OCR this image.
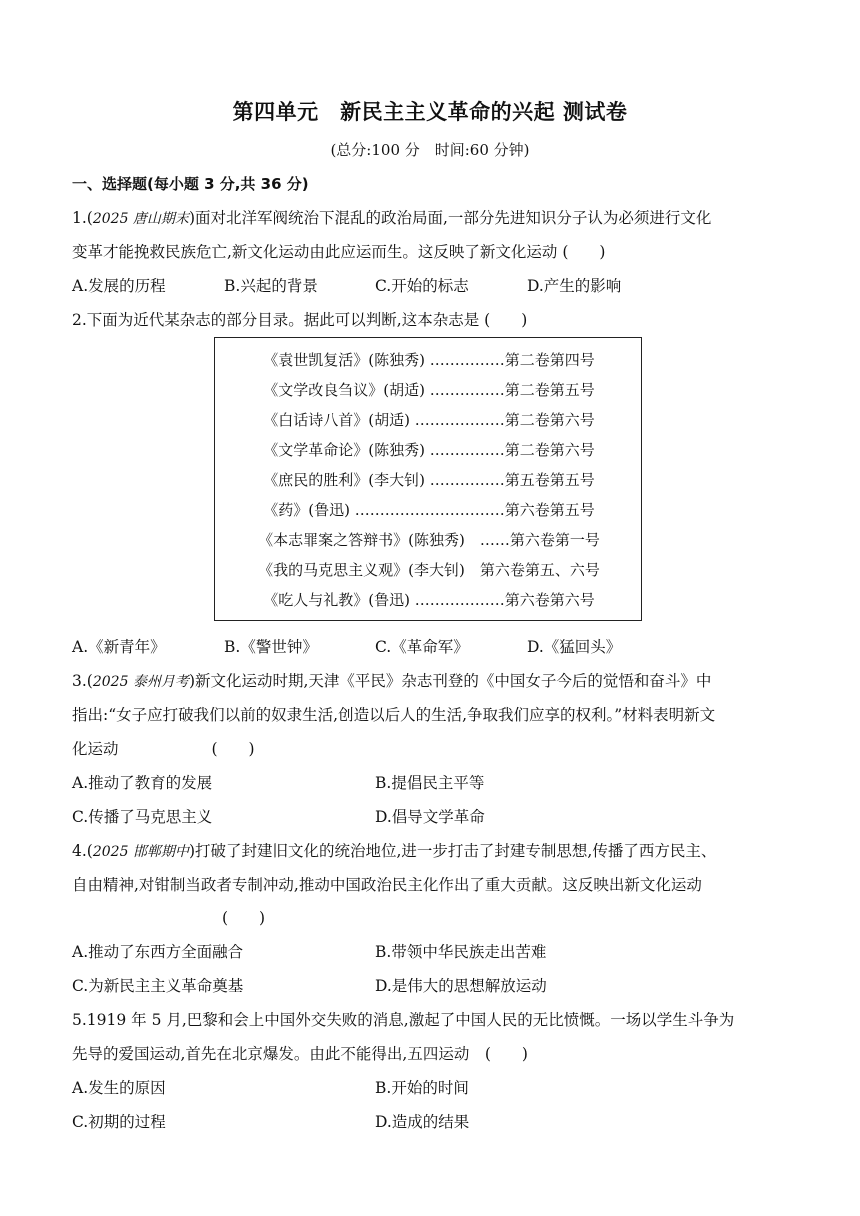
第四单元　新民主主义革命的兴起 测试卷
(总分:100 分　时间:60 分钟)
一、选择题(每小题 3 分,共 36 分)
1.(2025 唐山期末)面对北洋军阀统治下混乱的政治局面,一部分先进知识分子认为必须进行文化
变革才能挽救民族危亡,新文化运动由此应运而生。这反映了新文化运动 (　　)
A.发展的历程	B.兴起的背景	C.开始的标志	D.产生的影响
2.下面为近代某杂志的部分目录。据此可以判断,这本杂志是 (　　)
《袁世凯复活》(陈独秀) ……………第二卷第四号
《文学改良刍议》(胡适) ……………第二卷第五号
《白话诗八首》(胡适) ………………第二卷第六号
《文学革命论》(陈独秀) ……………第二卷第六号
《庶民的胜利》(李大钊) ……………第五卷第五号
《药》(鲁迅) …………………………第六卷第五号
《本志罪案之答辩书》(陈独秀)　……第六卷第一号
《我的马克思主义观》(李大钊)　第六卷第五、六号
《吃人与礼教》(鲁迅) ………………第六卷第六号
A.《新青年》	B.《警世钟》	C.《革命军》	D.《猛回头》
3.(2025 泰州月考)新文化运动时期,天津《平民》杂志刊登的《中国女子今后的觉悟和奋斗》中
指出:“女子应打破我们以前的奴隶生活,创造以后人的生活,争取我们应享的权利。”材料表明新文
化运动　　　　　　(　　)
A.推动了教育的发展	B.提倡民主平等
C.传播了马克思主义	D.倡导文学革命
4.(2025 邯郸期中)打破了封建旧文化的统治地位,进一步打击了封建专制思想,传播了西方民主、
自由精神,对钳制当政者专制冲动,推动中国政治民主化作出了重大贡献。这反映出新文化运动
(　　)
A.推动了东西方全面融合	B.带领中华民族走出苦难
C.为新民主主义革命奠基	D.是伟大的思想解放运动
5.1919 年 5 月,巴黎和会上中国外交失败的消息,激起了中国人民的无比愤慨。一场以学生斗争为
先导的爱国运动,首先在北京爆发。由此不能得出,五四运动　(　　)
A.发生的原因	B.开始的时间
C.初期的过程	D.造成的结果
